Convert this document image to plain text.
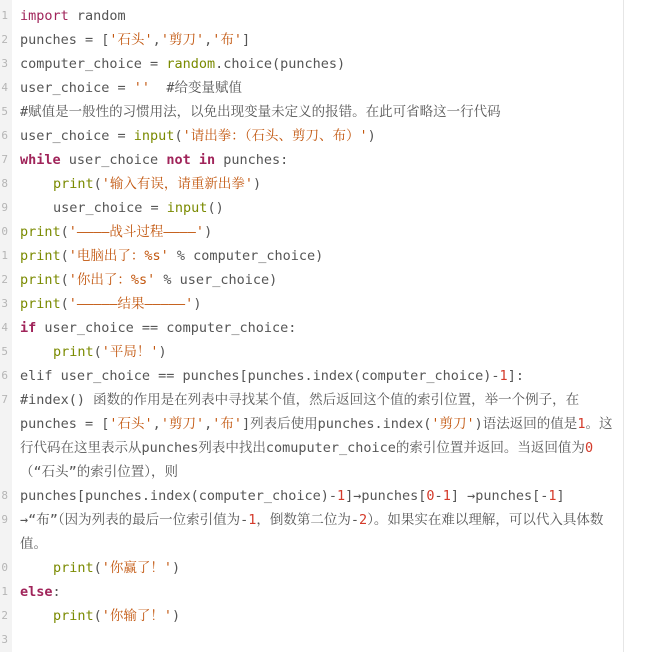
1 import random
2 punches = ['石头','剪刀','布']
3 computer_choice = random.choice(punches)
4 user_choice = ''  #给变量赋值
5 #赋值是一般性的习惯用法，以免出现变量未定义的报错。在此可省略这一行代码
6 user_choice = input('请出拳：（石头、剪刀、布）')
7 while user_choice not in punches:
8	print('输入有误，请重新出拳')
9	user_choice = input()
0 print('————战斗过程————')
1 print('电脑出了：%s' % computer_choice)
2 print('你出了：%s' % user_choice)
3 print('—————结果—————')
4 if user_choice == computer_choice:
5	print('平局！')
6 elif user_choice == punches[punches.index(computer_choice)-1]:
7 #index() 函数的作用是在列表中寻找某个值，然后返回这个值的索引位置，举一个例子，在 punches = ['石头','剪刀','布']列表后使用punches.index('剪刀')语法返回的值是1。这行代码在这里表示从punches列表中找出comuputer_choice的索引位置并返回。当返回值为0（“石头”的索引位置），则
8 punches[punches.index(computer_choice)-1]→punches[0-1] →punches[-1]
9 →“布”（因为列表的最后一位索引值为-1，倒数第二位为-2）。如果实在难以理解，可以代入具体数值。
0	print('你赢了！')
1 else:
2	print('你输了！')
3
